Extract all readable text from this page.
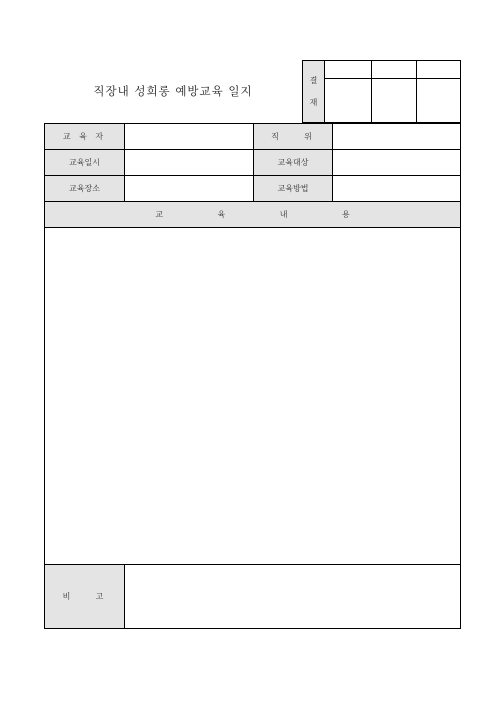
직장내 성희롱 예방교육 일지
결
재
교 육 자	직    위
교육일시	교육대상
교육장소	교육방법
교 육 내 용
비    고
